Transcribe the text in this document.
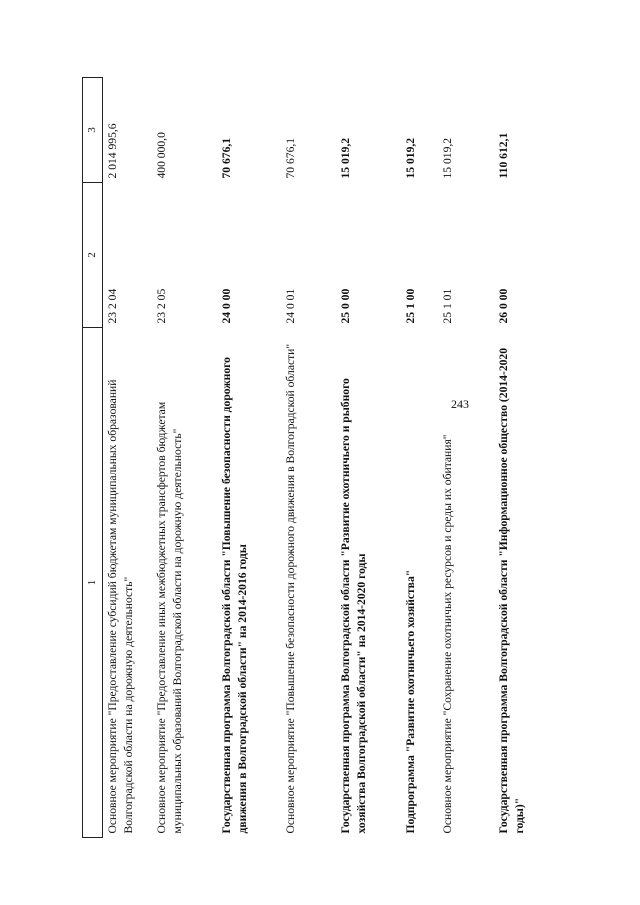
243
1	2	3
Основное мероприятие "Предоставление субсидий бюджетам муниципальных образований Волгоградской области на дорожную деятельность"	23 2 04	2 014 995,6
Основное мероприятие "Предоставление иных межбюджетных трансфертов бюджетам муниципальных образований Волгоградской области на дорожную деятельность"	23 2 05	400 000,0
Государственная программа Волгоградской области "Повышение безопасности дорожного движения в Волгоградской области" на 2014-2016 годы	24 0 00	70 676,1
Основное мероприятие "Повышение безопасности дорожного движения в Волгоградской области"	24 0 01	70 676,1
Государственная программа Волгоградской области "Развитие охотничьего и рыбного хозяйства Волгоградской области" на 2014-2020 годы	25 0 00	15 019,2
Подпрограмма "Развитие охотничьего хозяйства"	25 1 00	15 019,2
Основное мероприятие "Сохранение охотничьих ресурсов и среды их обитания"	25 1 01	15 019,2
Государственная программа Волгоградской области "Информационное общество (2014-2020 годы)"	26 0 00	110 612,1
